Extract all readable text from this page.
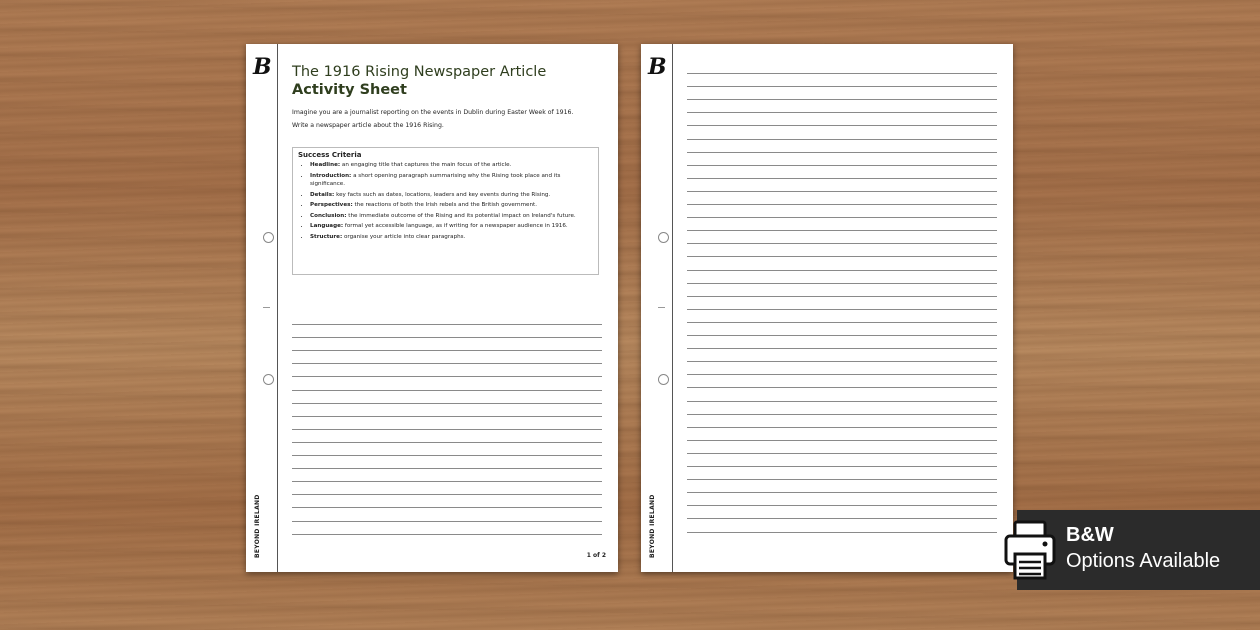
B
BEYOND IRELAND
The 1916 Rising Newspaper Article
Activity Sheet
Imagine you are a journalist reporting on the events in Dublin during Easter Week of 1916.
Write a newspaper article about the 1916 Rising.
Success Criteria
• Headline: an engaging title that captures the main focus of the article.
• Introduction: a short opening paragraph summarising why the Rising took place and its significance.
• Details: key facts such as dates, locations, leaders and key events during the Rising.
• Perspectives: the reactions of both the Irish rebels and the British government.
• Conclusion: the immediate outcome of the Rising and its potential impact on Ireland's future.
• Language: formal yet accessible language, as if writing for a newspaper audience in 1916.
• Structure: organise your article into clear paragraphs.
1 of 2
B
BEYOND IRELAND	B&W
Options Available
